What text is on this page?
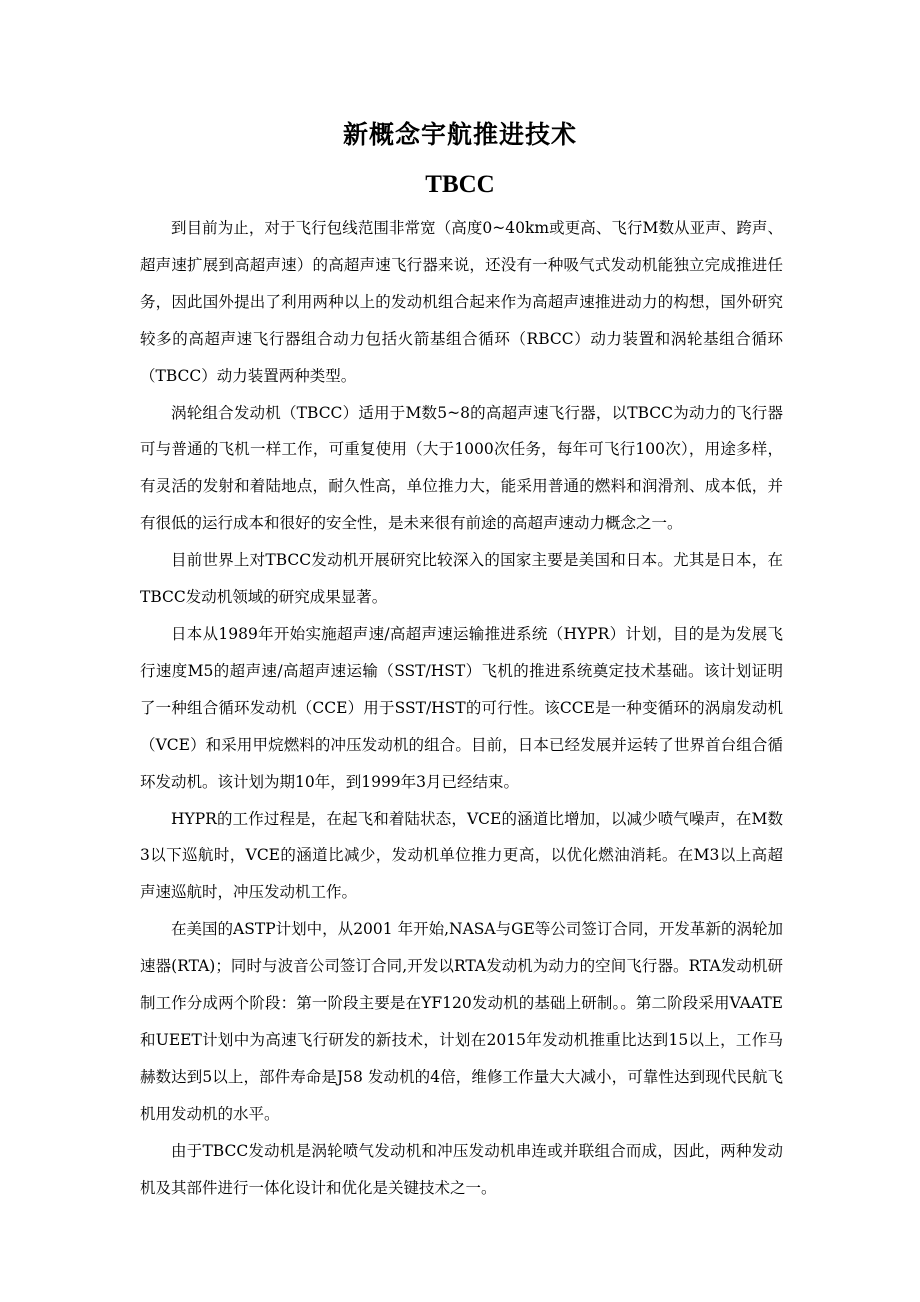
新概念宇航推进技术
TBCC

到目前为止，对于飞行包线范围非常宽（高度0~40km或更高、飞行M数从亚声、跨声、超声速扩展到高超声速）的高超声速飞行器来说，还没有一种吸气式发动机能独立完成推进任务，因此国外提出了利用两种以上的发动机组合起来作为高超声速推进动力的构想，国外研究较多的高超声速飞行器组合动力包括火箭基组合循环（RBCC）动力装置和涡轮基组合循环（TBCC）动力装置两种类型。

涡轮组合发动机（TBCC）适用于M数5~8的高超声速飞行器，以TBCC为动力的飞行器可与普通的飞机一样工作，可重复使用（大于1000次任务，每年可飞行100次），用途多样，有灵活的发射和着陆地点，耐久性高，单位推力大，能采用普通的燃料和润滑剂、成本低，并有很低的运行成本和很好的安全性，是未来很有前途的高超声速动力概念之一。

目前世界上对TBCC发动机开展研究比较深入的国家主要是美国和日本。尤其是日本，在TBCC发动机领域的研究成果显著。

日本从1989年开始实施超声速/高超声速运输推进系统（HYPR）计划，目的是为发展飞行速度M5的超声速/高超声速运输（SST/HST）飞机的推进系统奠定技术基础。该计划证明了一种组合循环发动机（CCE）用于SST/HST的可行性。该CCE是一种变循环的涡扇发动机（VCE）和采用甲烷燃料的冲压发动机的组合。目前，日本已经发展并运转了世界首台组合循环发动机。该计划为期10年，到1999年3月已经结束。

HYPR的工作过程是，在起飞和着陆状态，VCE的涵道比增加，以减少喷气噪声，在M数3以下巡航时，VCE的涵道比减少，发动机单位推力更高，以优化燃油消耗。在M3以上高超声速巡航时，冲压发动机工作。

在美国的ASTP计划中，从2001 年开始,NASA与GE等公司签订合同，开发革新的涡轮加速器(RTA)；同时与波音公司签订合同,开发以RTA发动机为动力的空间飞行器。RTA发动机研制工作分成两个阶段：第一阶段主要是在YF120发动机的基础上研制。。第二阶段采用VAATE和UEET计划中为高速飞行研发的新技术，计划在2015年发动机推重比达到15以上，工作马赫数达到5以上，部件寿命是J58 发动机的4倍，维修工作量大大减小，可靠性达到现代民航飞机用发动机的水平。

由于TBCC发动机是涡轮喷气发动机和冲压发动机串连或并联组合而成，因此，两种发动机及其部件进行一体化设计和优化是关键技术之一。
